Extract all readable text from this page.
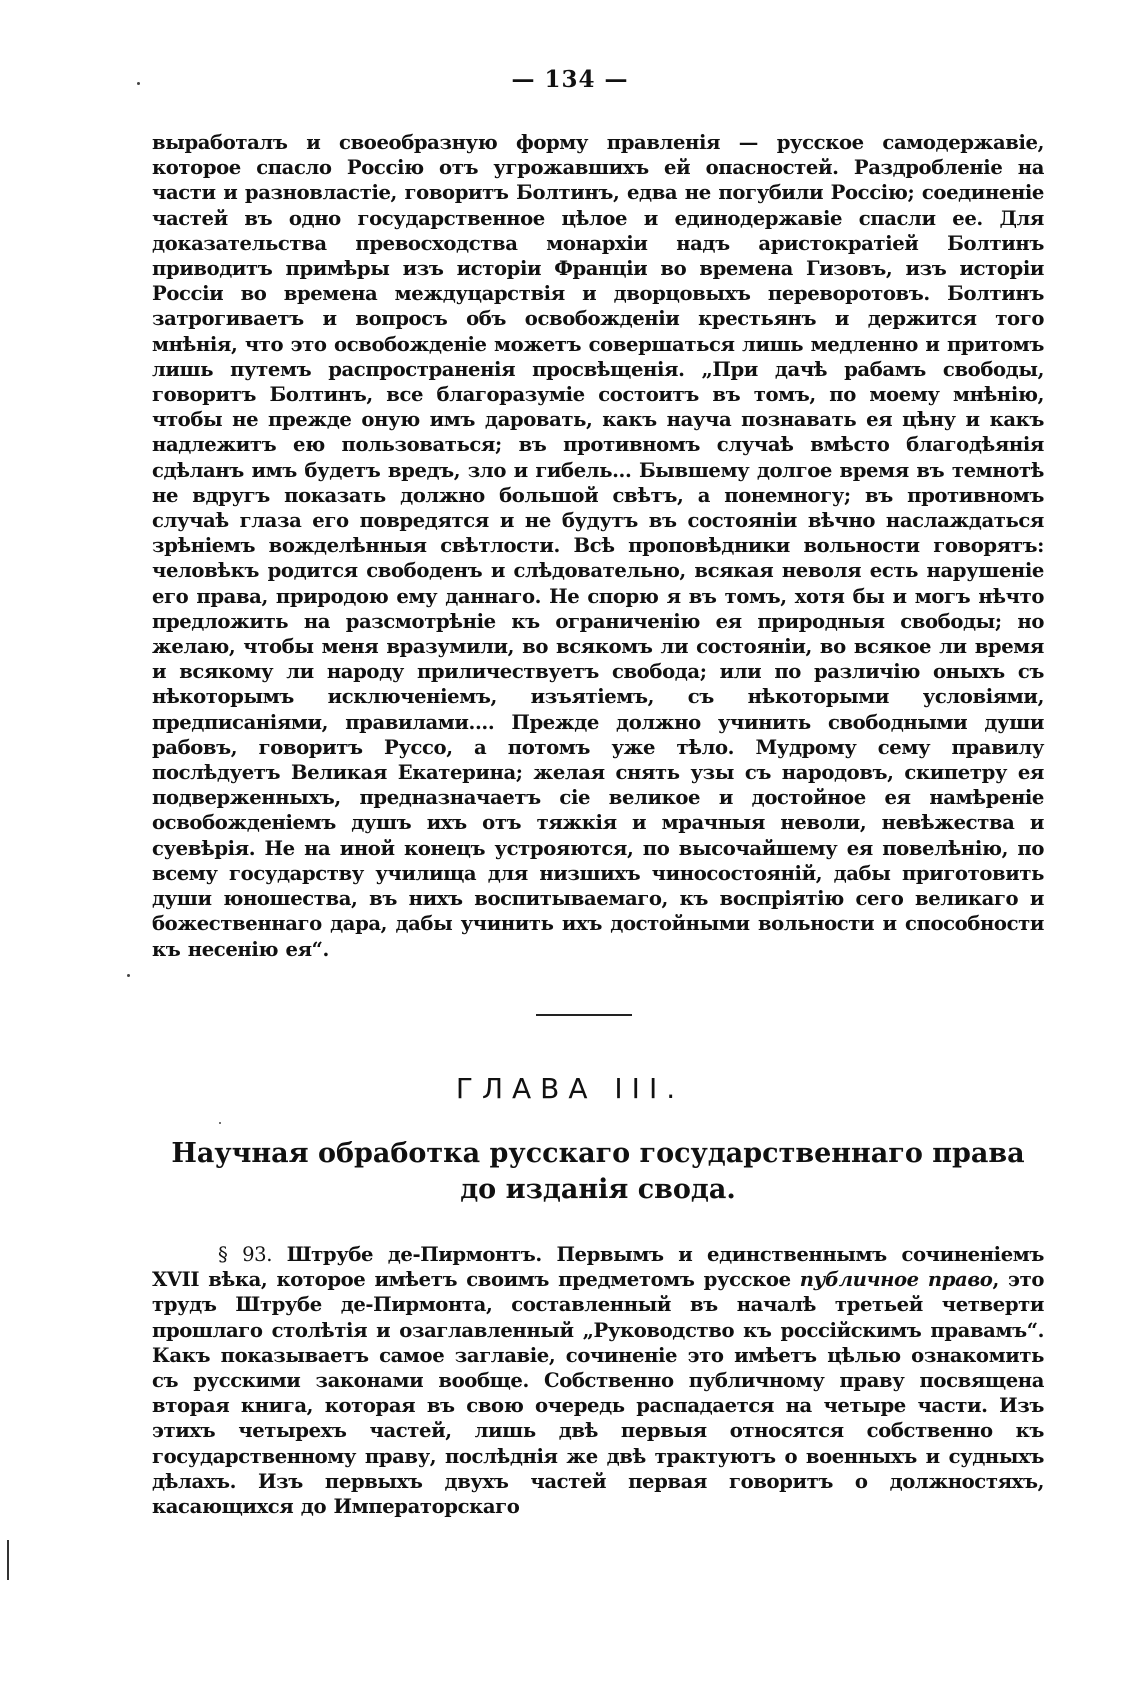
— 134 —

выработалъ и своеобразную форму правленія — русское самодержавіе, которое спасло Россію отъ угрожавшихъ ей опасностей. Раздробленіе на части и разновластіе, говоритъ Болтинъ, едва не погубили Россію; соединеніе частей въ одно государственное цѣлое и единодержавіе спасли ее. Для доказательства превосходства монархіи надъ аристократіей Болтинъ приводитъ примѣры изъ исторіи Франціи во времена Гизовъ, изъ исторіи Россіи во времена междуцарствія и дворцовыхъ переворотовъ. Болтинъ затрогиваетъ и вопросъ объ освобожденіи крестьянъ и держится того мнѣнія, что это освобожденіе можетъ совершаться лишь медленно и притомъ лишь путемъ распространенія просвѣщенія. „При дачѣ рабамъ свободы, говоритъ Болтинъ, все благоразуміе состоитъ въ томъ, по моему мнѣнію, чтобы не прежде оную имъ даровать, какъ науча познавать ея цѣну и какъ надлежитъ ею пользоваться; въ противномъ случаѣ вмѣсто благодѣянія сдѣланъ имъ будетъ вредъ, зло и гибель... Бывшему долгое время въ темнотѣ не вдругъ показать должно большой свѣтъ, а понемногу; въ противномъ случаѣ глаза его повредятся и не будутъ въ состояніи вѣчно наслаждаться зрѣніемъ вожделѣнныя свѣтлости. Всѣ проповѣдники вольности говорятъ: человѣкъ родится свободенъ и слѣдовательно, всякая неволя есть нарушеніе его права, природою ему даннаго. Не спорю я въ томъ, хотя бы и могъ нѣчто предложить на разсмотрѣніе къ ограниченію ея природныя свободы; но желаю, чтобы меня вразумили, во всякомъ ли состояніи, во всякое ли время и всякому ли народу приличествуетъ свобода; или по различію оныхъ съ нѣкоторымъ исключеніемъ, изъятіемъ, съ нѣкоторыми условіями, предписаніями, правилами.... Прежде должно учинить свободными души рабовъ, говоритъ Руссо, а потомъ уже тѣло. Мудрому сему правилу послѣдуетъ Великая Екатерина; желая снять узы съ народовъ, скипетру ея подверженныхъ, предназначаетъ сіе великое и достойное ея намѣреніе освобожденіемъ душъ ихъ отъ тяжкія и мрачныя неволи, невѣжества и суевѣрія. Не на иной конецъ устрояются, по высочайшему ея повелѣнію, по всему государству училища для низшихъ чиносостояній, дабы приготовить души юношества, въ нихъ воспитываемаго, къ воспріятію сего великаго и божественнаго дара, дабы учинить ихъ достойными вольности и способности къ несенію ея“.

ГЛАВА III.
Научная обработка русскаго государственнаго права до изданія свода.

§ 93. Штрубе де-Пирмонтъ. Первымъ и единственнымъ сочиненіемъ XVII вѣка, которое имѣетъ своимъ предметомъ русское публичное право, это трудъ Штрубе де-Пирмонта, составленный въ началѣ третьей четверти прошлаго столѣтія и озаглавленный „Руководство къ россійскимъ правамъ“. Какъ показываетъ самое заглавіе, сочиненіе это имѣетъ цѣлью ознакомить съ русскими законами вообще. Собственно публичному праву посвящена вторая книга, которая въ свою очередь распадается на четыре части. Изъ этихъ четырехъ частей, лишь двѣ первыя относятся собственно къ государственному праву, послѣднія же двѣ трактуютъ о военныхъ и судныхъ дѣлахъ. Изъ первыхъ двухъ частей первая говоритъ о должностяхъ, касающихся до Императорскаго
